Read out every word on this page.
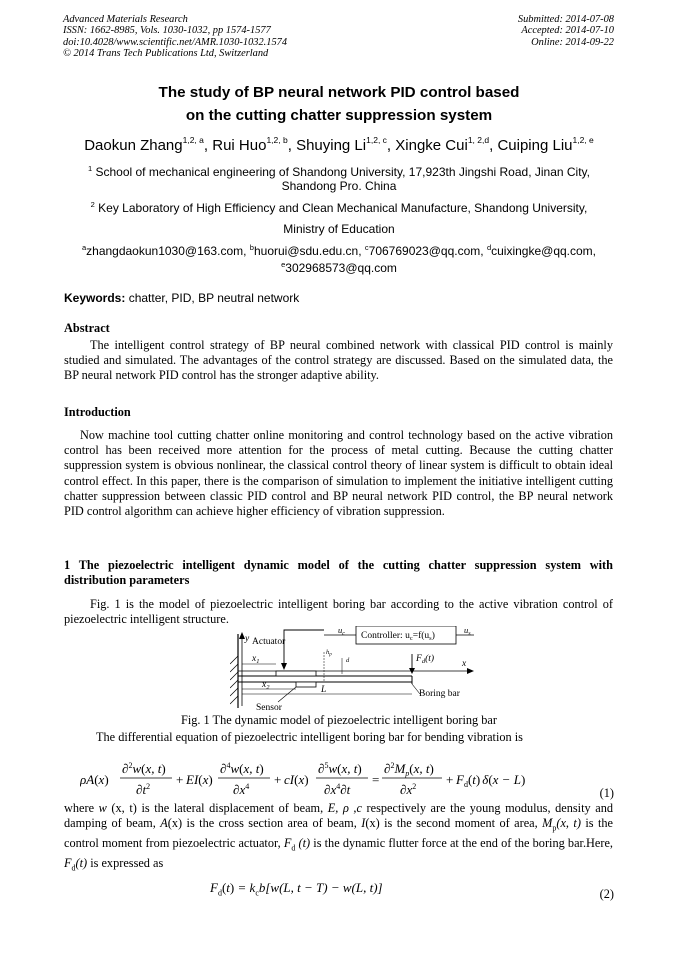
Advanced Materials Research
ISSN: 1662-8985, Vols. 1030-1032, pp 1574-1577
doi:10.4028/www.scientific.net/AMR.1030-1032.1574
© 2014 Trans Tech Publications Ltd, Switzerland
Submitted: 2014-07-08
Accepted: 2014-07-10
Online: 2014-09-22
The study of BP neural network PID control based
on the cutting chatter suppression system
Daokun Zhang$^{1,2, a}$, Rui Huo$^{1,2, b}$, Shuying Li$^{1,2, c}$, Xingke Cui$^{1, 2,d}$, Cuiping Liu$^{1,2, e}$
$^1$ School of mechanical engineering of Shandong University, 17,923th Jingshi Road, Jinan City,
Shandong Pro. China
$^2$ Key Laboratory of High Efficiency and Clean Mechanical Manufacture, Shandong University,
Ministry of Education
$^a$zhangdaokun1030@163.com, $^b$huorui@sdu.edu.cn, $^c$706769023@qq.com, $^d$cuixingke@qq.com,
$^e$302968573@qq.com
Keywords: chatter, PID, BP neutral network
Abstract
The intelligent control strategy of BP neural combined network with classical PID control is mainly studied and simulated. The advantages of the control strategy are discussed. Based on the simulated data, the BP neural network PID control has the stronger adaptive ability.
Introduction
Now machine tool cutting chatter online monitoring and control technology based on the active vibration control has been received more attention for the process of metal cutting. Because the cutting chatter suppression system is obvious nonlinear, the classical control theory of linear system is difficult to obtain ideal control effect. In this paper, there is the comparison of simulation to implement the initiative intelligent cutting chatter suppression between classic PID control and BP neural network PID control, the BP neural network PID control algorithm can achieve higher efficiency of vibration suppression.
1 The piezoelectric intelligent dynamic model of the cutting chatter suppression system with
distribution parameters
Fig. 1 is the model of piezoelectric intelligent boring bar according to the active vibration control of piezoelectric intelligent structure.
y
x
Actuator
Controller: $u_c=f(u_s)$
$u_c$	$u_s$
$F_d(t)$
$h_p$
d
$x_1$
$x_2$	L
Sensor
Boring bar
Fig. 1 The dynamic model of piezoelectric intelligent boring bar
The differential equation of piezoelectric intelligent boring bar for bending vibration is
ρA(x)
∂$^2$w(x, t)
$\partial t^2 + EI(x)$
∂$^4$w(x, t)
$\partial x^4 + cI(x)$
∂$^5$w(x, t)
$\partial x^4\partial t$
=
$\partial^2M_p(x$, t)
$\partial x^2 + F_d(t) \delta(x - L)$
(1)
where w (x, t) is the lateral displacement of beam, E, ρ ,c respectively are the young modulus, density and damping of beam, A(x) is the cross section area of beam, I(x) is the second moment of area, $M_p(x$, t) is the control moment from piezoelectric actuator, $F_d$ (t) is the dynamic flutter force at the end of the boring bar.Here, $F_d(t)$ is expressed as
$F_d(t) = k_cb[w(L$, t − T) − w(L, t)]	(2)
